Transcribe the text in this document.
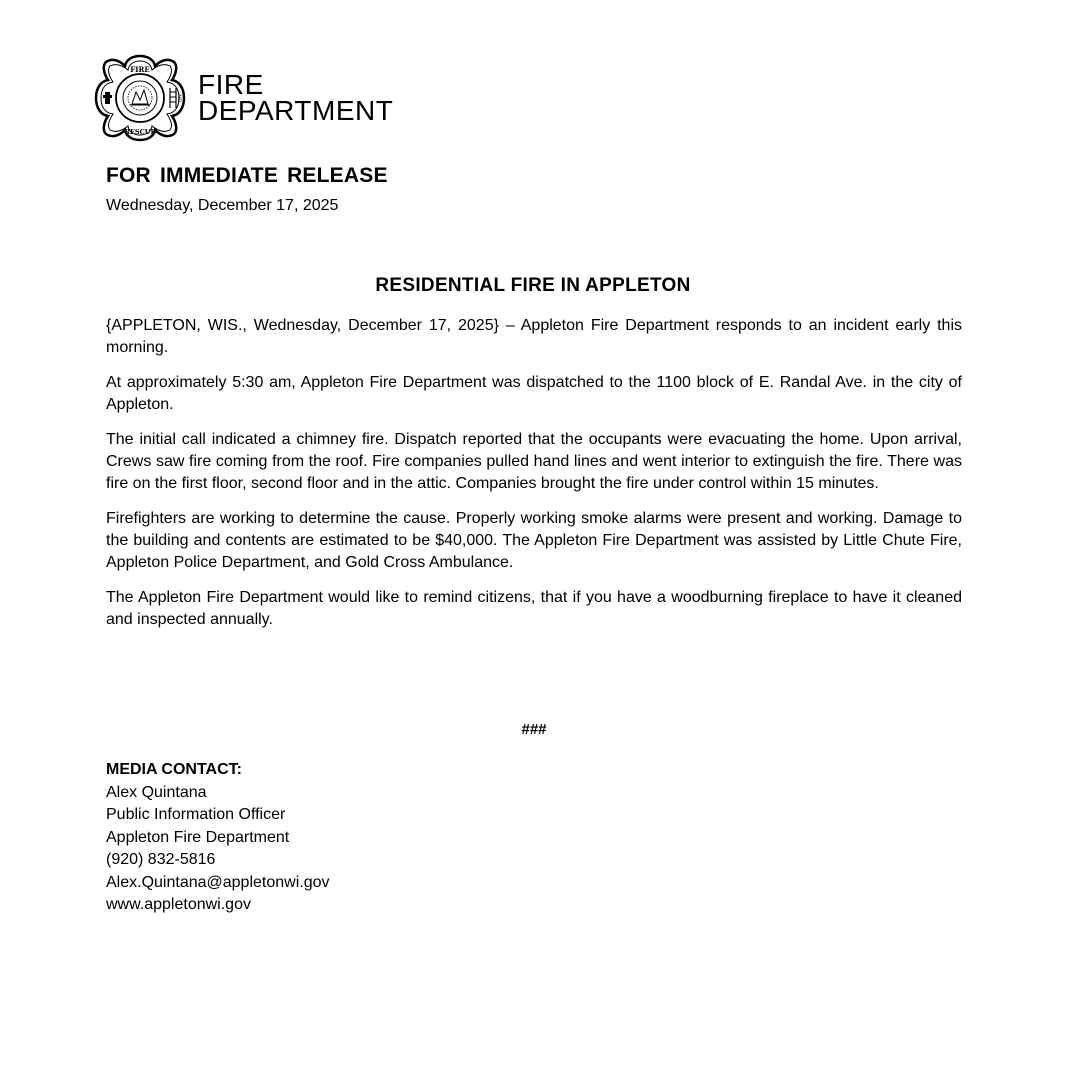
FIRE
RESCUE
AFD FIRE
DEPARTMENT
FOR IMMEDIATE RELEASE
Wednesday, December 17, 2025
RESIDENTIAL FIRE IN APPLETON

{APPLETON, WIS., Wednesday, December 17, 2025} – Appleton Fire Department responds to an incident early this morning.

At approximately 5:30 am, Appleton Fire Department was dispatched to the 1100 block of E. Randal Ave. in the city of Appleton.

The initial call indicated a chimney fire. Dispatch reported that the occupants were evacuating the home. Upon arrival, Crews saw fire coming from the roof. Fire companies pulled hand lines and went interior to extinguish the fire. There was fire on the first floor, second floor and in the attic. Companies brought the fire under control within 15 minutes.

Firefighters are working to determine the cause. Properly working smoke alarms were present and working. Damage to the building and contents are estimated to be $40,000. The Appleton Fire Department was assisted by Little Chute Fire, Appleton Police Department, and Gold Cross Ambulance.

The Appleton Fire Department would like to remind citizens, that if you have a woodburning fireplace to have it cleaned and inspected annually.

###
MEDIA CONTACT:
Alex Quintana
Public Information Officer
Appleton Fire Department
(920) 832-5816
Alex.Quintana@appletonwi.gov
www.appletonwi.gov
